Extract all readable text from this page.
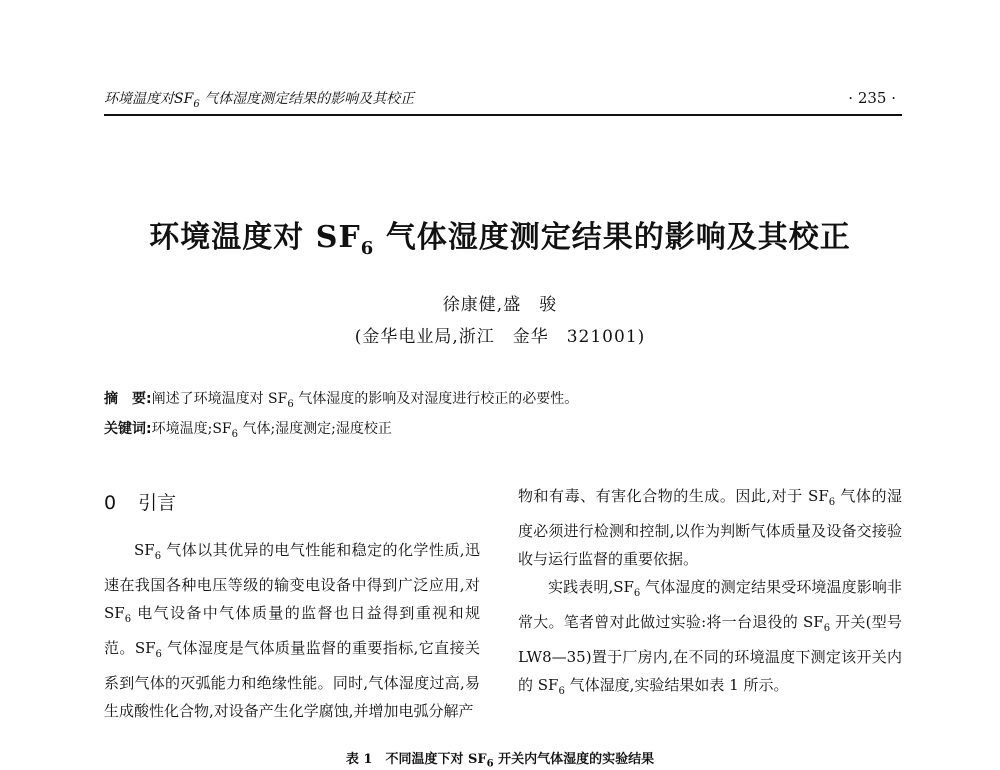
环境温度对$SF_6$ 气体湿度测定结果的影响及其校正	· 235 ·
环境温度对 $SF_6$ 气体湿度测定结果的影响及其校正
徐康健,盛　骏
(金华电业局,浙江　金华　321001)
摘　要:阐述了环境温度对 $SF_6$ 气体湿度的影响及对湿度进行校正的必要性。
关键词:环境温度$;SF_6$ 气体;湿度测定;湿度校正
0 引言

$SF_6$ 气体以其优异的电气性能和稳定的化学性质,迅速在我国各种电压等级的输变电设备中得到广泛应用,对 $SF_6$ 电气设备中气体质量的监督也日益得到重视和规范。$SF_6$ 气体湿度是气体质量监督的重要指标,它直接关系到气体的灭弧能力和绝缘性能。同时,气体湿度过高,易生成酸性化合物,对设备产生化学腐蚀,并增加电弧分解产

物和有毒、有害化合物的生成。因此,对于 $SF_6$ 气体的湿度必须进行检测和控制,以作为判断气体质量及设备交接验收与运行监督的重要依据。

实践表明$,SF_6$ 气体湿度的测定结果受环境温度影响非常大。笔者曾对此做过实验:将一台退役的 $SF_6$ 开关(型号 LW8—35)置于厂房内,在不同的环境温度下测定该开关内的 $SF_6$ 气体湿度,实验结果如表 1 所示。

表 1　不同温度下对 $SF_6$ 开关内气体湿度的实验结果
